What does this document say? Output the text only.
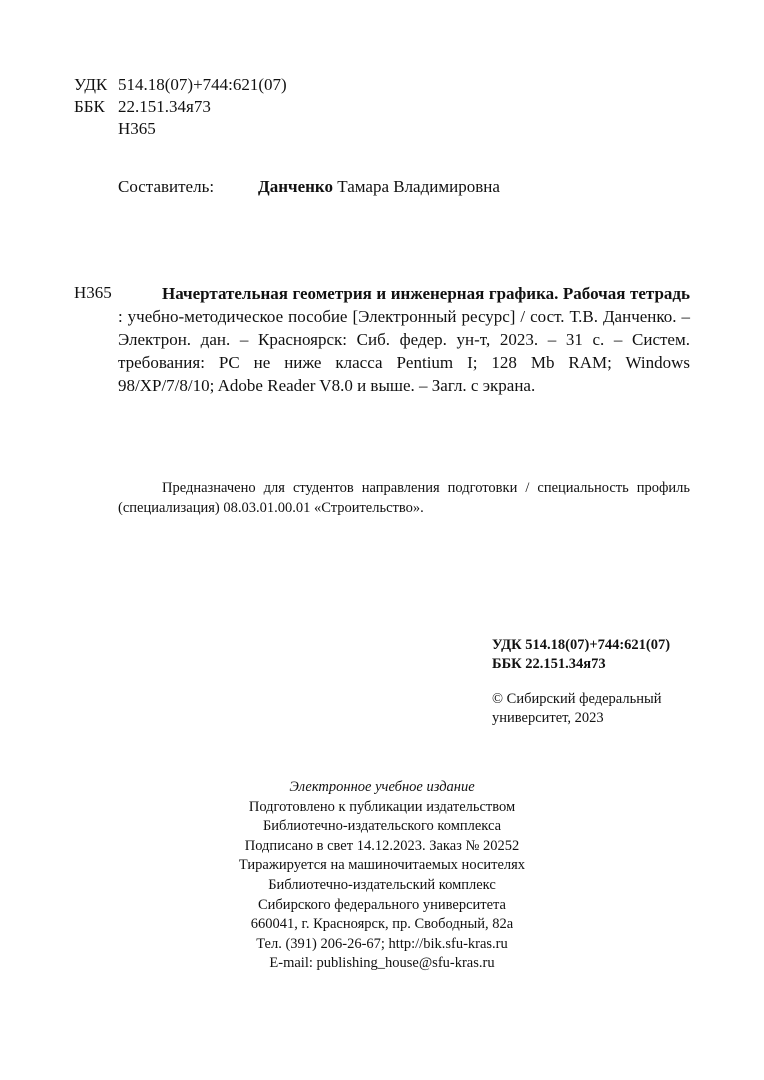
УДК 514.18(07)+744:621(07)
ББК 22.151.34я73
Н365
Составитель:	Данченко Тамара Владимировна
Н365	Начертательная геометрия и инженерная графика. Рабочая тетрадь : учебно-методическое пособие [Электронный ресурс] / сост. Т.В. Данченко. – Электрон. дан. – Красноярск: Сиб. федер. ун-т, 2023. – 31 с. – Систем. требования: PC не ниже класса Pentium I; 128 Mb RAM; Windows 98/XP/7/8/10; Adobe Reader V8.0 и выше. – Загл. с экрана.
Предназначено для студентов направления подготовки / специальность профиль (специализация) 08.03.01.00.01 «Строительство».
УДК 514.18(07)+744:621(07)
ББК 22.151.34я73
© Сибирский федеральный
университет, 2023
Электронное учебное издание
Подготовлено к публикации издательством
Библиотечно-издательского комплекса
Подписано в свет 14.12.2023. Заказ № 20252
Тиражируется на машиночитаемых носителях
Библиотечно-издательский комплекс
Сибирского федерального университета
660041, г. Красноярск, пр. Свободный, 82а
Тел. (391) 206-26-67; http://bik.sfu-kras.ru
E-mail: publishing_house@sfu-kras.ru
